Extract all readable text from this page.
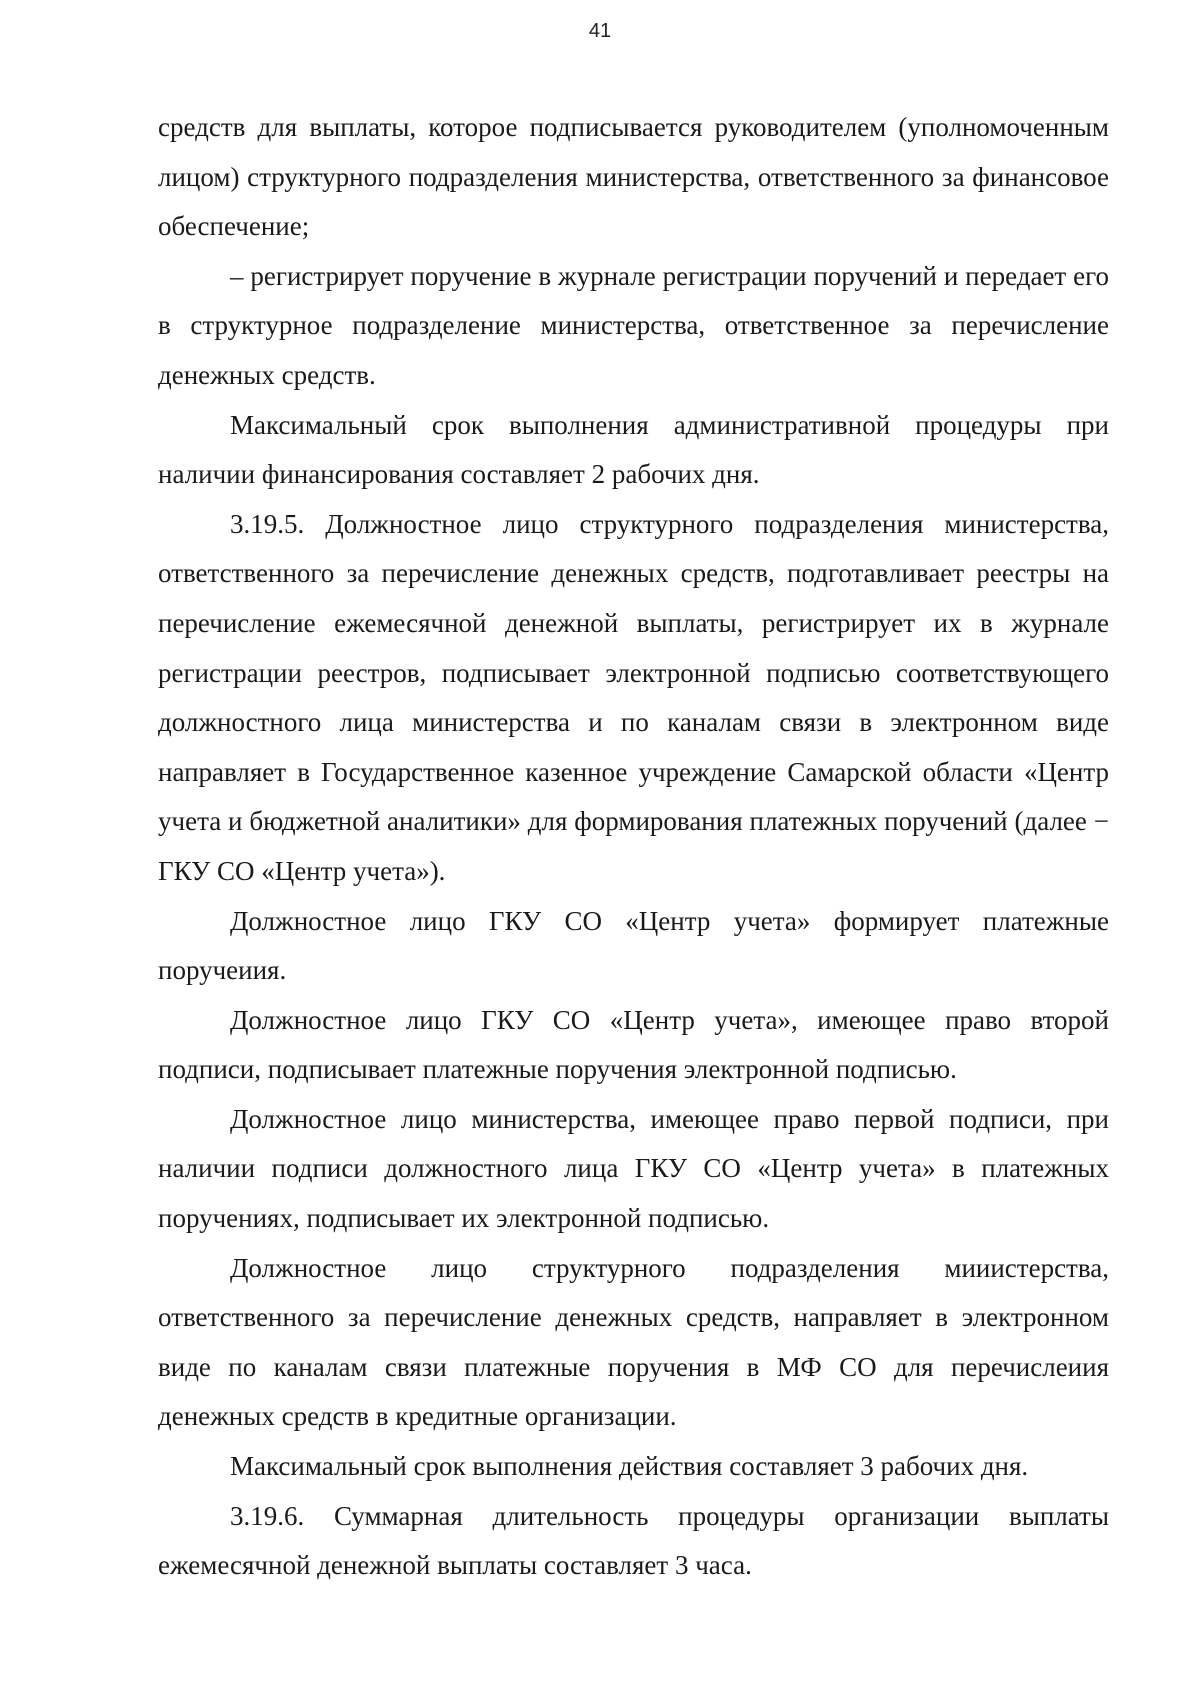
41

средств для выплаты, которое подписывается руководителем (уполномоченным лицом) структурного подразделения министерства, ответственного за финансовое обеспечение;

– регистрирует поручение в журнале регистрации поручений и передает его в структурное подразделение министерства, ответственное за перечисление денежных средств.

Максимальный срок выполнения административной процедуры при наличии финансирования составляет 2 рабочих дня.

3.19.5. Должностное лицо структурного подразделения министерства, ответственного за перечисление денежных средств, подготавливает реестры на перечисление ежемесячной денежной выплаты, регистрирует их в журнале регистрации реестров, подписывает электронной подписью соответствующего должностного лица министерства и по каналам связи в электронном виде направляет в Государственное казенное учреждение Самарской области «Центр учета и бюджетной аналитики» для формирования платежных поручений (далее − ГКУ СО «Центр учета»).

Должностное лицо ГКУ СО «Центр учета» формирует платежные поручеиия.

Должностное лицо ГКУ СО «Центр учета», имеющее право второй подписи, подписывает платежные поручения электронной подписью.

Должностное лицо министерства, имеющее право первой подписи, при наличии подписи должностного лица ГКУ СО «Центр учета» в платежных поручениях, подписывает их электронной подписью.

Должностное лицо структурного подразделения мииистерства, ответственного за перечисление денежных средств, направляет в электронном виде по каналам связи платежные поручения в МФ СО для перечислеиия денежных средств в кредитные организации.

Максимальный срок выполнения действия составляет 3 рабочих дня.

3.19.6. Суммарная длительность процедуры организации выплаты ежемесячной денежной выплаты составляет 3 часа.
